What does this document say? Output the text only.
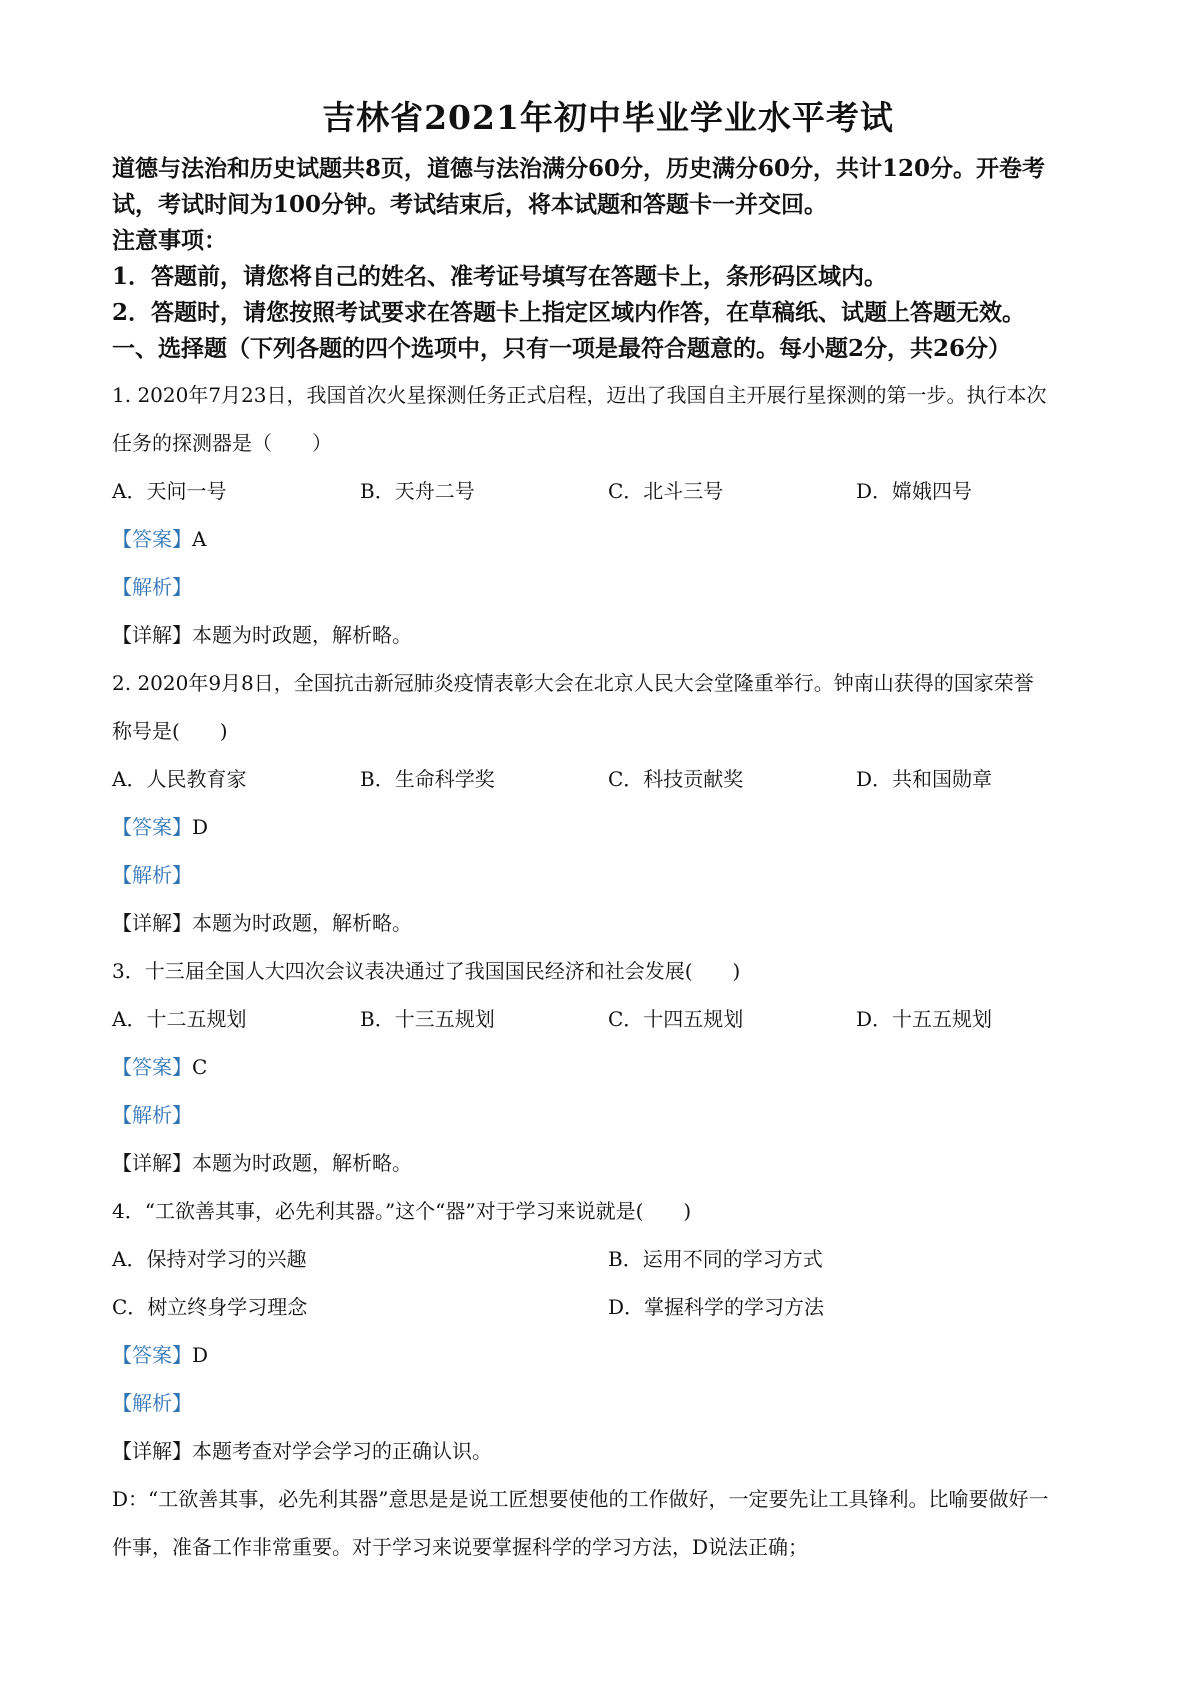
吉林省2021年初中毕业学业水平考试

道德与法治和历史试题共8页，道德与法治满分60分，历史满分60分，共计120分。开卷考

试，考试时间为100分钟。考试结束后，将本试题和答题卡一并交回。

注意事项：

1．答题前，请您将自己的姓名、准考证号填写在答题卡上，条形码区域内。

2．答题时，请您按照考试要求在答题卡上指定区域内作答，在草稿纸、试题上答题无效。

一、选择题（下列各题的四个选项中，只有一项是最符合题意的。每小题2分，共26分）

1. 2020年7月23日，我国首次火星探测任务正式启程，迈出了我国自主开展行星探测的第一步。执行本次

任务的探测器是（　　）

A．天问一号	B．天舟二号	C．北斗三号	D．嫦娥四号

【答案】A

【解析】

【详解】本题为时政题，解析略。

2. 2020年9月8日，全国抗击新冠肺炎疫情表彰大会在北京人民大会堂隆重举行。钟南山获得的国家荣誉

称号是(　　)

A．人民教育家	B．生命科学奖	C．科技贡献奖	D．共和国勋章

【答案】D

【解析】

【详解】本题为时政题，解析略。

3．十三届全国人大四次会议表决通过了我国国民经济和社会发展(　　)

A．十二五规划	B．十三五规划	C．十四五规划	D．十五五规划

【答案】C

【解析】

【详解】本题为时政题，解析略。

4．“工欲善其事，必先利其器。”这个“器”对于学习来说就是(　　)

A．保持对学习的兴趣	B．运用不同的学习方式
C．树立终身学习理念	D．掌握科学的学习方法

【答案】D

【解析】

【详解】本题考查对学会学习的正确认识。

D：“工欲善其事，必先利其器”意思是是说工匠想要使他的工作做好，一定要先让工具锋利。比喻要做好一

件事，准备工作非常重要。对于学习来说要掌握科学的学习方法，D说法正确；
